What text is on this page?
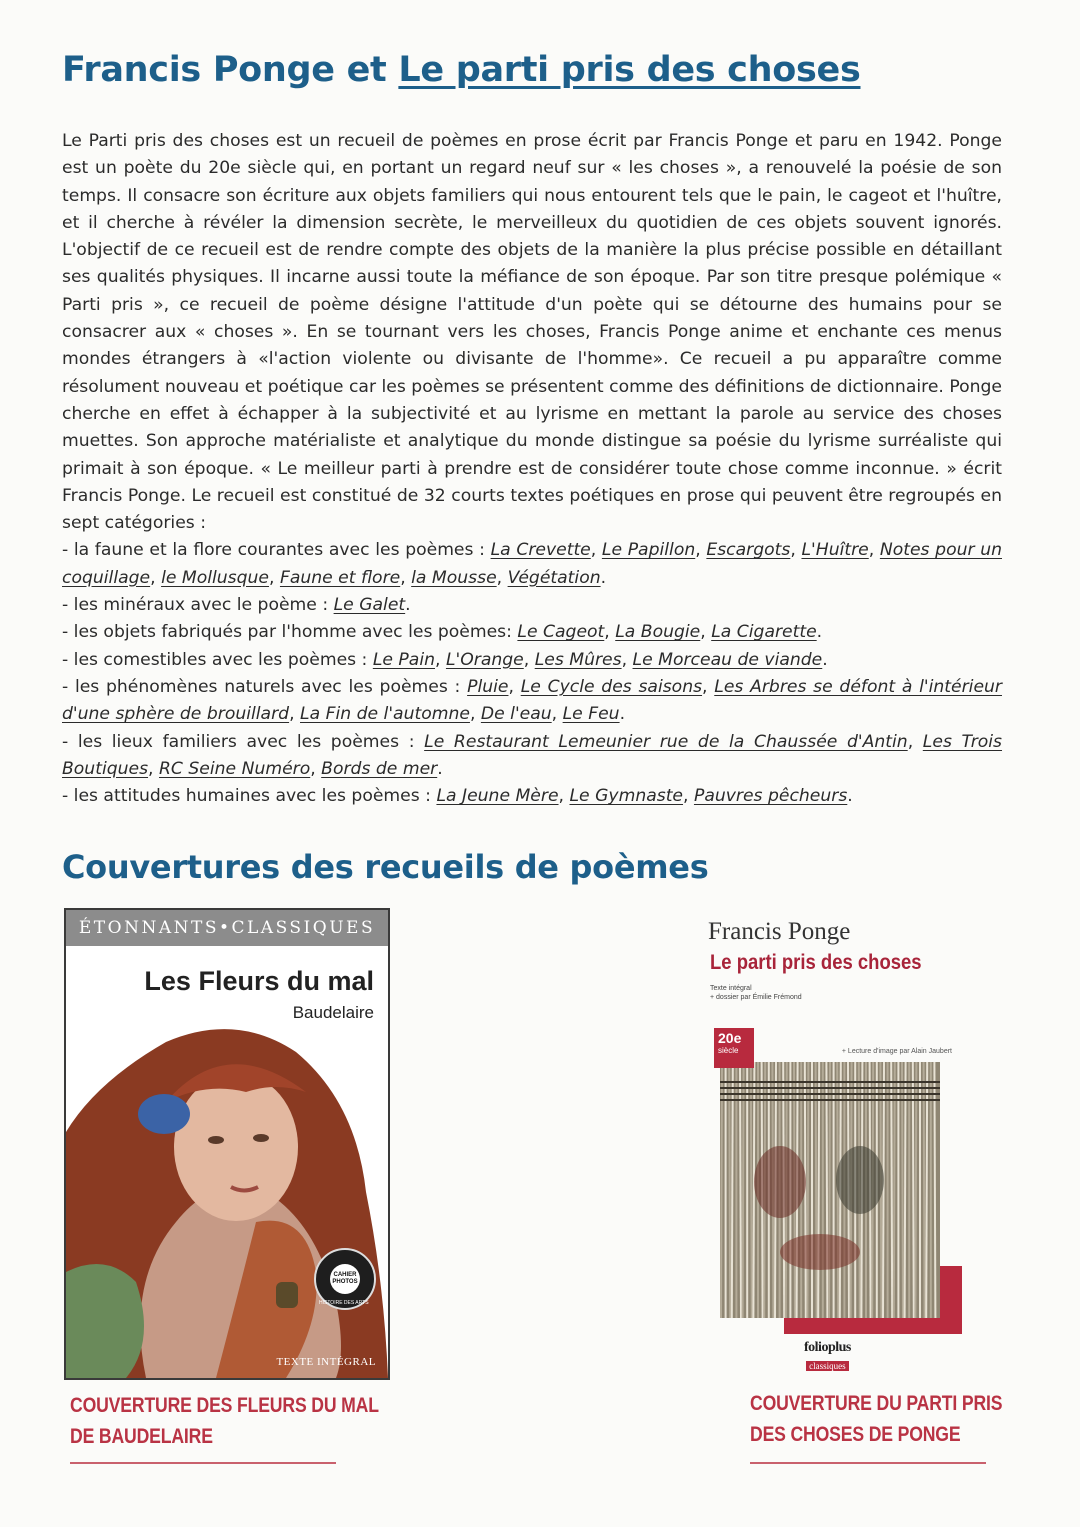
Francis Ponge et Le parti pris des choses

Le Parti pris des choses est un recueil de poèmes en prose écrit par Francis Ponge et paru en 1942. Ponge est un poète du 20e siècle qui, en portant un regard neuf sur « les choses », a renouvelé la poésie de son temps. Il consacre son écriture aux objets familiers qui nous entourent tels que le pain, le cageot et l'huître, et il cherche à révéler la dimension secrète, le merveilleux du quotidien de ces objets souvent ignorés. L'objectif de ce recueil est de rendre compte des objets de la manière la plus précise possible en détaillant ses qualités physiques. Il incarne aussi toute la méfiance de son époque. Par son titre presque polémique « Parti pris », ce recueil de poème désigne l'attitude d'un poète qui se détourne des humains pour se consacrer aux « choses ». En se tournant vers les choses, Francis Ponge anime et enchante ces menus mondes étrangers à «l'action violente ou divisante de l'homme». Ce recueil a pu apparaître comme résolument nouveau et poétique car les poèmes se présentent comme des définitions de dictionnaire. Ponge cherche en effet à échapper à la subjectivité et au lyrisme en mettant la parole au service des choses muettes. Son approche matérialiste et analytique du monde distingue sa poésie du lyrisme surréaliste qui primait à son époque. « Le meilleur parti à prendre est de considérer toute chose comme inconnue. » écrit Francis Ponge. Le recueil est constitué de 32 courts textes poétiques en prose qui peuvent être regroupés en sept catégories :

- la faune et la flore courantes avec les poèmes : La Crevette, Le Papillon, Escargots, L'Huître, Notes pour un coquillage, le Mollusque, Faune et flore, la Mousse, Végétation.

- les minéraux avec le poème : Le Galet.

- les objets fabriqués par l'homme avec les poèmes: Le Cageot, La Bougie, La Cigarette.

- les comestibles avec les poèmes : Le Pain, L'Orange, Les Mûres, Le Morceau de viande.

- les phénomènes naturels avec les poèmes : Pluie, Le Cycle des saisons, Les Arbres se défont à l'intérieur d'une sphère de brouillard, La Fin de l'automne, De l'eau, Le Feu.

- les lieux familiers avec les poèmes : Le Restaurant Lemeunier rue de la Chaussée d'Antin, Les Trois Boutiques, RC Seine Numéro, Bords de mer.

- les attitudes humaines avec les poèmes : La Jeune Mère, Le Gymnaste, Pauvres pêcheurs.

Couvertures des recueils de poèmes
ÉTONNANTS•CLASSIQUES
CAHIER PHOTOS
Les Fleurs du mal
Baudelaire
TEXTE INTÉGRAL
HISTOIRE DES ARTS
Francis Ponge
Le parti pris des choses
Texte intégral
+ dossier par Émilie Frémond
20e
siècle	+ Lecture d'image par Alain Jaubert
folioplus
classiques
COUVERTURE DES FLEURS DU MAL
DE BAUDELAIRE
COUVERTURE DU PARTI PRIS
DES CHOSES DE PONGE
